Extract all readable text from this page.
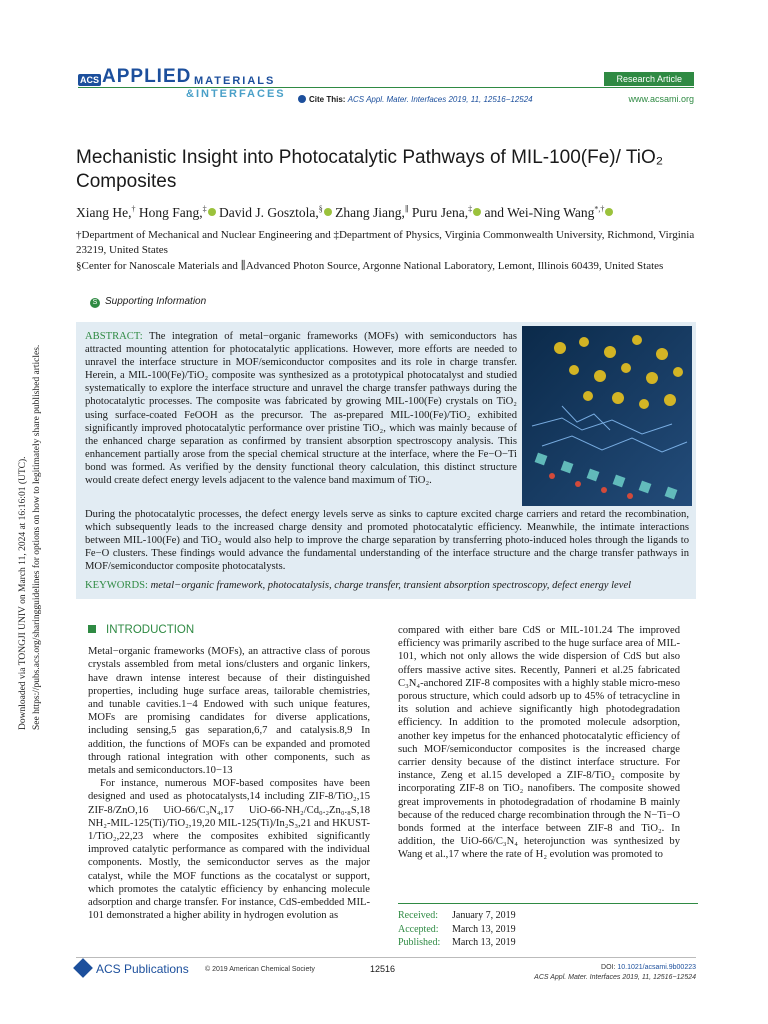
Downloaded via TONGJI UNIV on March 11, 2024 at 16:16:01 (UTC). See https://pubs.acs.org/sharingguidelines for options on how to legitimately share published articles.
ACS APPLIED MATERIALS
&INTERFACES
Research Article
Cite This: ACS Appl. Mater. Interfaces 2019, 11, 12516−12524	www.acsami.org
Mechanistic Insight into Photocatalytic Pathways of MIL-100(Fe)/ TiO₂ Composites
Xiang He,† Hong Fang,‡ David J. Gosztola,§ Zhang Jiang,∥ Puru Jena,‡ and Wei-Ning Wang*,†
†Department of Mechanical and Nuclear Engineering and ‡Department of Physics, Virginia Commonwealth University, Richmond, Virginia 23219, United States
§Center for Nanoscale Materials and ∥Advanced Photon Source, Argonne National Laboratory, Lemont, Illinois 60439, United States
S Supporting Information
ABSTRACT: The integration of metal−organic frameworks (MOFs) with semiconductors has attracted mounting attention for photocatalytic applications. However, more efforts are needed to unravel the interface structure in MOF/semiconductor composites and its role in charge transfer. Herein, a MIL-100(Fe)/TiO₂ composite was synthesized as a prototypical photocatalyst and studied systematically to explore the interface structure and unravel the charge transfer pathways during the photocatalytic processes. The composite was fabricated by growing MIL-100(Fe) crystals on TiO₂ using surface-coated FeOOH as the precursor. The as-prepared MIL-100(Fe)/TiO₂ exhibited significantly improved photocatalytic performance over pristine TiO₂, which was mainly because of the enhanced charge separation as confirmed by transient absorption spectroscopy analysis. This enhancement partially arose from the special chemical structure at the interface, where the Fe−O−Ti bond was formed. As verified by the density functional theory calculation, this distinct structure would create defect energy levels adjacent to the valence band maximum of TiO₂.
During the photocatalytic processes, the defect energy levels serve as sinks to capture excited charge carriers and retard the recombination, which subsequently leads to the increased charge density and promoted photocatalytic efficiency. Meanwhile, the intimate interactions between MIL-100(Fe) and TiO₂ would also help to improve the charge separation by transferring photo-induced holes through the ligands to Fe−O clusters. These findings would advance the fundamental understanding of the interface structure and the charge transfer pathways in MOF/semiconductor composite photocatalysts.
KEYWORDS: metal−organic framework, photocatalysis, charge transfer, transient absorption spectroscopy, defect energy level
INTRODUCTION

Metal−organic frameworks (MOFs), an attractive class of porous crystals assembled from metal ions/clusters and organic linkers, have drawn intense interest because of their distinguished properties, including huge surface areas, tailorable chemistries, and tunable cavities.1−4 Endowed with such unique features, MOFs are promising candidates for diverse applications, including sensing,5 gas separation,6,7 and catalysis.8,9 In addition, the functions of MOFs can be expanded and promoted through rational integration with other components, such as metals and semiconductors.10−13

For instance, numerous MOF-based composites have been designed and used as photocatalysts,14 including ZIF-8/TiO₂,15 ZIF-8/ZnO,16 UiO-66/C₃N₄,17 UiO-66-NH₂/Cd₀.₂Zn₀.₈S,18 NH₂-MIL-125(Ti)/TiO₂,19,20 MIL-125(Ti)/In₂S₃,21 and HKUST-1/TiO₂,22,23 where the composites exhibited significantly improved catalytic performance as compared with the individual components. Mostly, the semiconductor serves as the major catalyst, while the MOF functions as the cocatalyst or support, which promotes the catalytic efficiency by enhancing molecule adsorption and charge transfer. For instance, CdS-embedded MIL-101 demonstrated a higher ability in hydrogen evolution as

compared with either bare CdS or MIL-101.24 The improved efficiency was primarily ascribed to the huge surface area of MIL-101, which not only allows the wide dispersion of CdS but also offers massive active sites. Recently, Panneri et al.25 fabricated C₃N₄-anchored ZIF-8 composites with a highly stable micro-meso porous structure, which could adsorb up to 45% of tetracycline in its solution and achieve significantly high photodegradation efficiency. In addition to the promoted molecule adsorption, another key impetus for the enhanced photocatalytic efficiency of such MOF/semiconductor composites is the increased charge carrier density because of the distinct interface structure. For instance, Zeng et al.15 developed a ZIF-8/TiO₂ composite by incorporating ZIF-8 on TiO₂ nanofibers. The composite showed great improvements in photodegradation of rhodamine B mainly because of the reduced charge recombination through the N−Ti−O bonds formed at the interface between ZIF-8 and TiO₂. In addition, the UiO-66/C₃N₄ heterojunction was synthesized by Wang et al.,17 where the rate of H₂ evolution was promoted to

Received: January 7, 2019
Accepted: March 13, 2019
Published: March 13, 2019
ACS Publications © 2019 American Chemical Society	12516	DOI: 10.1021/acsami.9b00223
ACS Appl. Mater. Interfaces 2019, 11, 12516−12524
